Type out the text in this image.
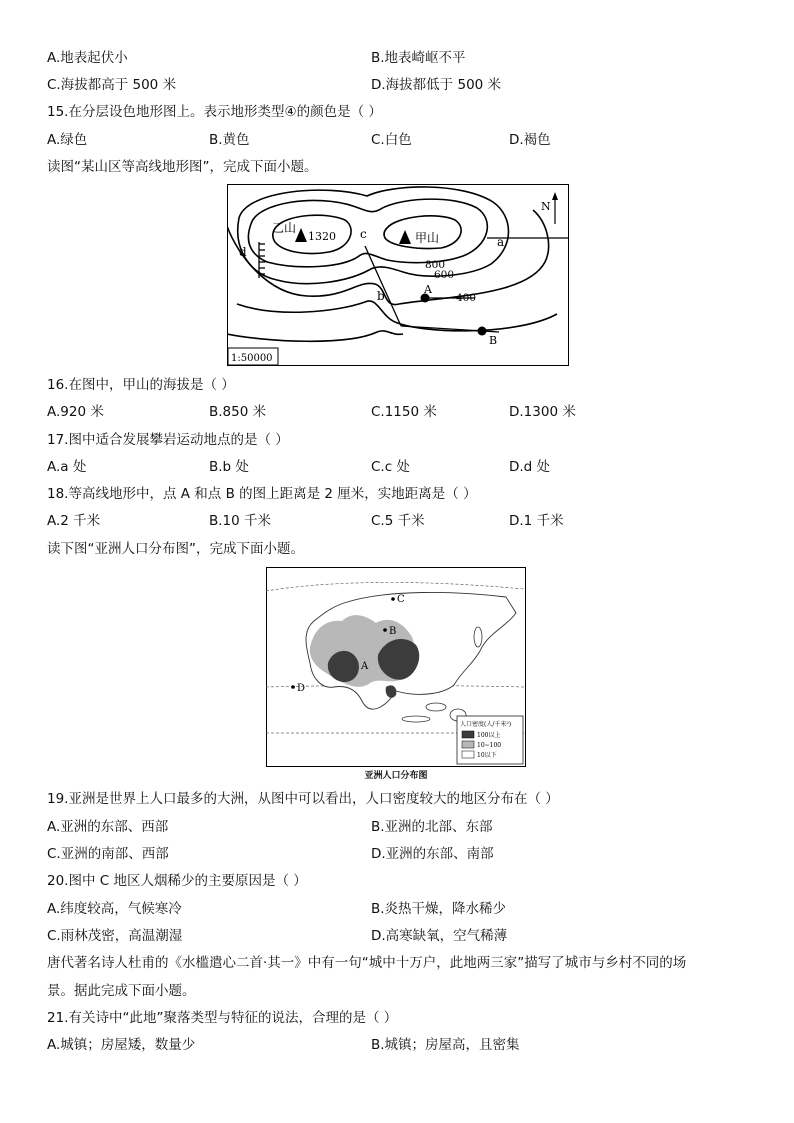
A.地表起伏小	B.地表崎岖不平
C.海拔都高于 500 米	D.海拔都低于 500 米
15.在分层设色地形图上。表示地形类型④的颜色是（ ）
A.绿色	B.黄色	C.白色	D.褐色
读图“某山区等高线地形图”，完成下面小题。
乙山
1320 c	甲山	a
b
d
A
B
800
600
400
N
1:50000
16.在图中，甲山的海拔是（ ）
A.920 米	B.850 米	C.1150 米	D.1300 米
17.图中适合发展攀岩运动地点的是（ ）
A.a 处	B.b 处	C.c 处	D.d 处
18.等高线地形中，点 A 和点 B 的图上距离是 2 厘米，实地距离是（ ）
A.2 千米	B.10 千米	C.5 千米	D.1 千米
读下图“亚洲人口分布图”，完成下面小题。
C
B
A
D
人口密度(人/千米²)
100以上
10~100
10以下
亚洲人口分布图
19.亚洲是世界上人口最多的大洲，从图中可以看出，人口密度较大的地区分布在（ ）
A.亚洲的东部、西部	B.亚洲的北部、东部
C.亚洲的南部、西部	D.亚洲的东部、南部
20.图中 C 地区人烟稀少的主要原因是（ ）
A.纬度较高，气候寒冷	B.炎热干燥，降水稀少
C.雨林茂密，高温潮湿	D.高寒缺氧，空气稀薄
唐代著名诗人杜甫的《水槛遣心二首·其一》中有一句“城中十万户，此地两三家”描写了城市与乡村不同的场
景。据此完成下面小题。
21.有关诗中“此地”聚落类型与特征的说法，合理的是（ ）
A.城镇；房屋矮，数量少	B.城镇；房屋高，且密集
